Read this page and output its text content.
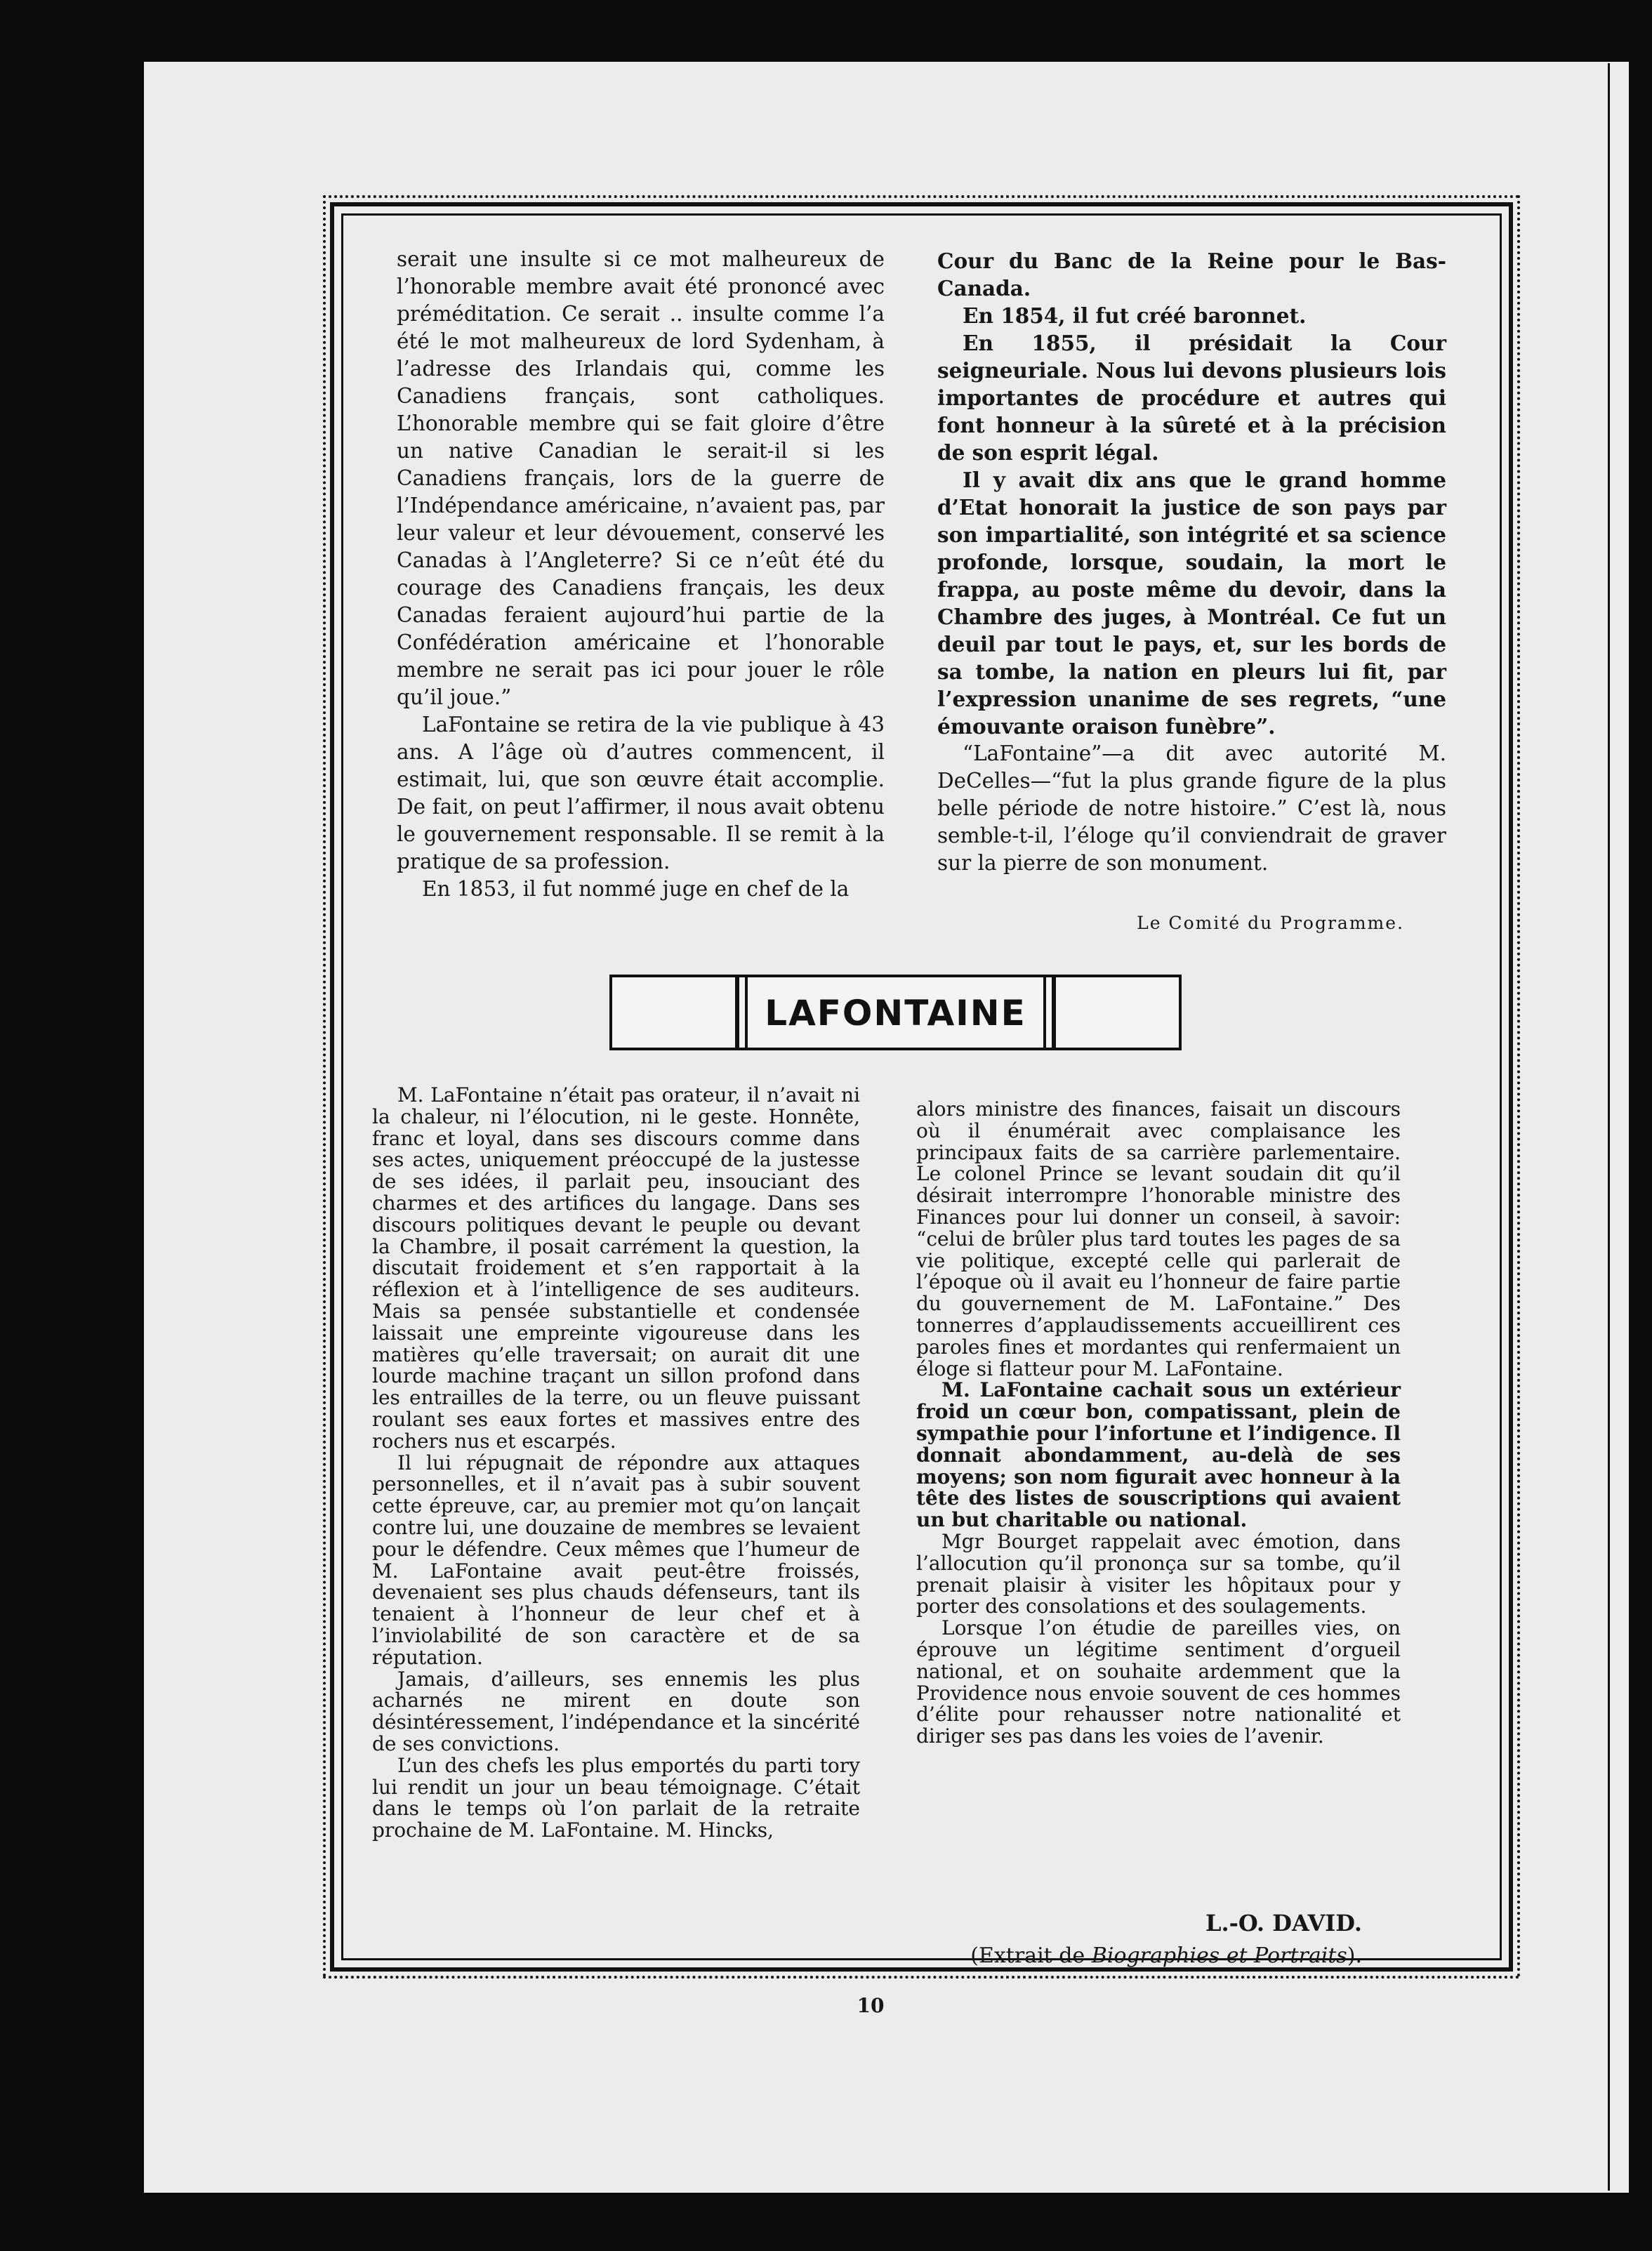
serait une insulte si ce mot malheureux de l’honorable membre avait été prononcé avec préméditation. Ce serait .. insulte comme l’a été le mot malheureux de lord Sydenham, à l’adresse des Irlandais qui, comme les Canadiens français, sont catholiques. L’honorable membre qui se fait gloire d’être un native Canadian le serait-il si les Canadiens français, lors de la guerre de l’Indépendance américaine, n’avaient pas, par leur valeur et leur dévouement, conservé les Canadas à l’Angleterre? Si ce n’eût été du courage des Canadiens français, les deux Canadas feraient aujourd’hui partie de la Confédération américaine et l’honorable membre ne serait pas ici pour jouer le rôle qu’il joue.”

LaFontaine se retira de la vie publique à 43 ans. A l’âge où d’autres commencent, il estimait, lui, que son œuvre était accomplie. De fait, on peut l’affirmer, il nous avait obtenu le gouvernement responsable. Il se remit à la pratique de sa profession.

En 1853, il fut nommé juge en chef de la

Cour du Banc de la Reine pour le Bas-Canada.

En 1854, il fut créé baronnet.

En 1855, il présidait la Cour seigneuriale. Nous lui devons plusieurs lois importantes de procédure et autres qui font honneur à la sûreté et à la précision de son esprit légal.

Il y avait dix ans que le grand homme d’Etat honorait la justice de son pays par son impartialité, son intégrité et sa science profonde, lorsque, soudain, la mort le frappa, au poste même du devoir, dans la Chambre des juges, à Montréal. Ce fut un deuil par tout le pays, et, sur les bords de sa tombe, la nation en pleurs lui fit, par l’expression unanime de ses regrets, “une émouvante oraison funèbre”.

“LaFontaine”—a dit avec autorité M. DeCelles—“fut la plus grande figure de la plus belle période de notre histoire.” C’est là, nous semble-t-il, l’éloge qu’il conviendrait de graver sur la pierre de son monument.

Le Comité du Programme.
LAFONTAINE

M. LaFontaine n’était pas orateur, il n’avait ni la chaleur, ni l’élocution, ni le geste. Honnête, franc et loyal, dans ses discours comme dans ses actes, uniquement préoccupé de la justesse de ses idées, il parlait peu, insouciant des charmes et des artifices du langage. Dans ses discours politiques devant le peuple ou devant la Chambre, il posait carrément la question, la discutait froidement et s’en rapportait à la réflexion et à l’intelligence de ses auditeurs. Mais sa pensée substantielle et condensée laissait une empreinte vigoureuse dans les matières qu’elle traversait; on aurait dit une lourde machine traçant un sillon profond dans les entrailles de la terre, ou un fleuve puissant roulant ses eaux fortes et massives entre des rochers nus et escarpés.

Il lui répugnait de répondre aux attaques personnelles, et il n’avait pas à subir souvent cette épreuve, car, au premier mot qu’on lançait contre lui, une douzaine de membres se levaient pour le défendre. Ceux mêmes que l’humeur de M. LaFontaine avait peut-être froissés, devenaient ses plus chauds défenseurs, tant ils tenaient à l’honneur de leur chef et à l’inviolabilité de son caractère et de sa réputation.

Jamais, d’ailleurs, ses ennemis les plus acharnés ne mirent en doute son désintéressement, l’indépendance et la sincérité de ses convictions.

L’un des chefs les plus emportés du parti tory lui rendit un jour un beau témoignage. C’était dans le temps où l’on parlait de la retraite prochaine de M. LaFontaine. M. Hincks,

alors ministre des finances, faisait un discours où il énumérait avec complaisance les principaux faits de sa carrière parlementaire. Le colonel Prince se levant soudain dit qu’il désirait interrompre l’honorable ministre des Finances pour lui donner un conseil, à savoir: “celui de brûler plus tard toutes les pages de sa vie politique, excepté celle qui parlerait de l’époque où il avait eu l’honneur de faire partie du gouvernement de M. LaFontaine.” Des tonnerres d’applaudissements accueillirent ces paroles fines et mordantes qui renfermaient un éloge si flatteur pour M. LaFontaine.

M. LaFontaine cachait sous un extérieur froid un cœur bon, compatissant, plein de sympathie pour l’infortune et l’indigence. Il donnait abondamment, au-delà de ses moyens; son nom figurait avec honneur à la tête des listes de souscriptions qui avaient un but charitable ou national.

Mgr Bourget rappelait avec émotion, dans l’allocution qu’il prononça sur sa tombe, qu’il prenait plaisir à visiter les hôpitaux pour y porter des consolations et des soulagements.

Lorsque l’on étudie de pareilles vies, on éprouve un légitime sentiment d’orgueil national, et on souhaite ardemment que la Providence nous envoie souvent de ces hommes d’élite pour rehausser notre nationalité et diriger ses pas dans les voies de l’avenir.

L.-O. DAVID.
(Extrait de Biographies et Portraits).
10
